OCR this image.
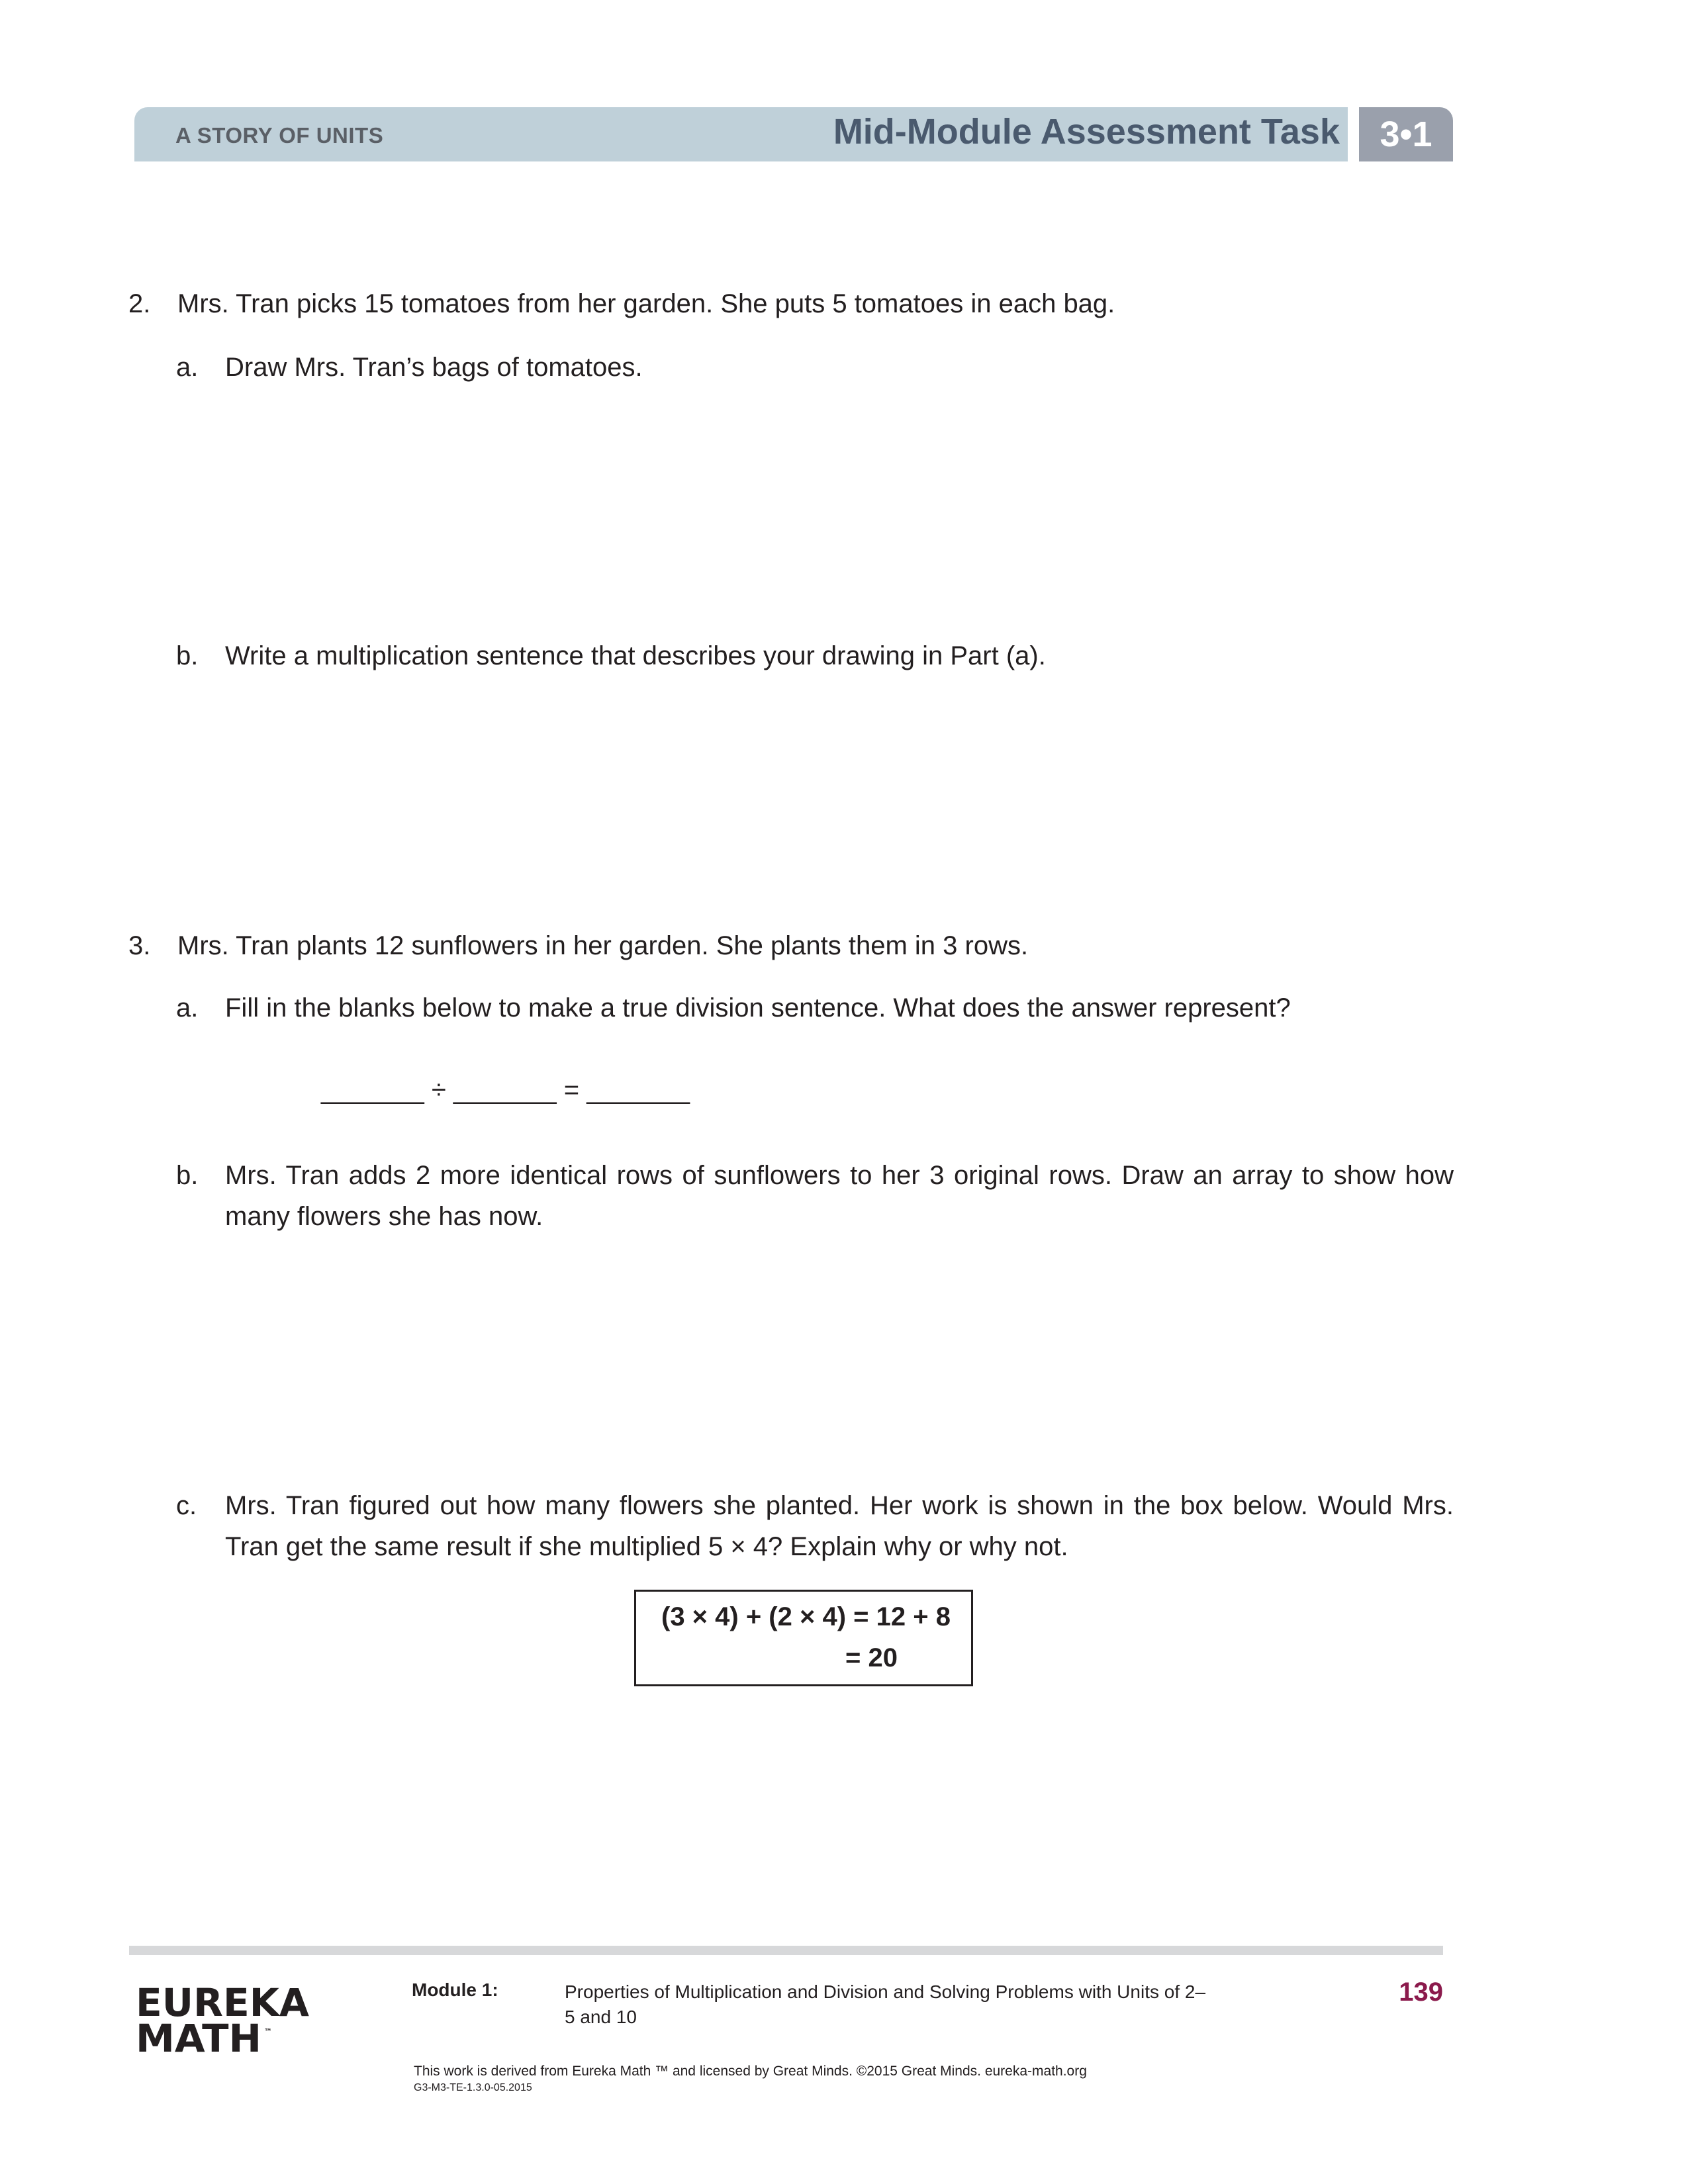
A STORY OF UNITS	Mid-Module Assessment Task	3•1
2. Mrs. Tran picks 15 tomatoes from her garden. She puts 5 tomatoes in each bag.
a. Draw Mrs. Tran’s bags of tomatoes.
b. Write a multiplication sentence that describes your drawing in Part (a).
3. Mrs. Tran plants 12 sunflowers in her garden. She plants them in 3 rows.
a. Fill in the blanks below to make a true division sentence. What does the answer represent?
_______ ÷ _______ = _______
b. Mrs. Tran adds 2 more identical rows of sunflowers to her 3 original rows. Draw an array to show how many flowers she has now.
c. Mrs. Tran figured out how many flowers she planted. Her work is shown in the box below. Would Mrs. Tran get the same result if she multiplied 5 × 4? Explain why or why not.
(3 × 4) + (2 × 4) = 12 + 8
= 20
EUREKA
MATH ™
Module 1:	Properties of Multiplication and Division and Solving Problems with Units of 2–5 and 10
139
This work is derived from Eureka Math ™ and licensed by Great Minds. ©2015 Great Minds. eureka-math.org
G3-M3-TE-1.3.0-05.2015
